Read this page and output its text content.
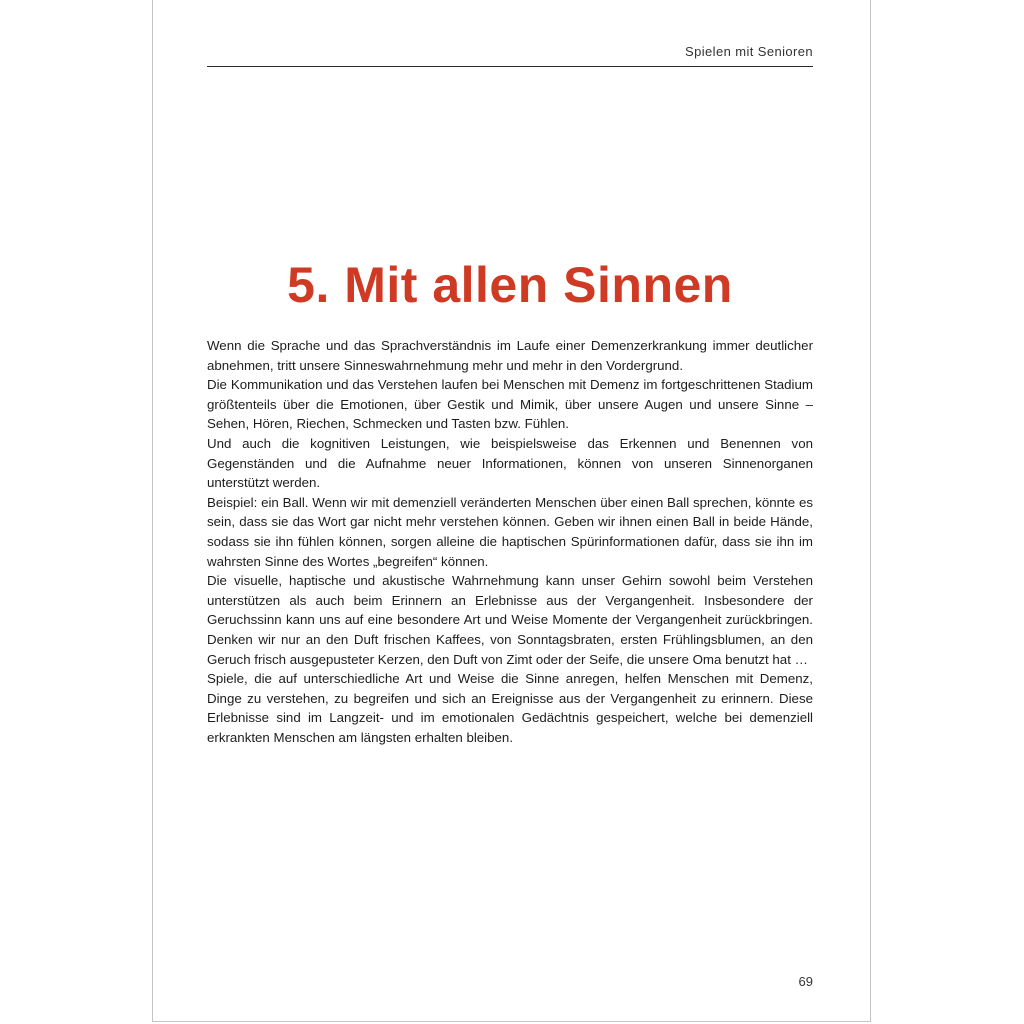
Spielen mit Senioren
5. Mit allen Sinnen

Wenn die Sprache und das Sprachverständnis im Laufe einer Demenzerkrankung immer deutlicher abnehmen, tritt unsere Sinneswahrnehmung mehr und mehr in den Vordergrund.

Die Kommunikation und das Verstehen laufen bei Menschen mit Demenz im fortgeschrittenen Stadium größtenteils über die Emotionen, über Gestik und Mimik, über unsere Augen und unsere Sinne – Sehen, Hören, Riechen, Schmecken und Tasten bzw. Fühlen.

Und auch die kognitiven Leistungen, wie beispielsweise das Erkennen und Benennen von Gegenständen und die Aufnahme neuer Informationen, können von unseren Sinnenorganen unterstützt werden.

Beispiel: ein Ball. Wenn wir mit demenziell veränderten Menschen über einen Ball sprechen, könnte es sein, dass sie das Wort gar nicht mehr verstehen können. Geben wir ihnen einen Ball in beide Hände, sodass sie ihn fühlen können, sorgen alleine die haptischen Spürinformationen dafür, dass sie ihn im wahrsten Sinne des Wortes „begreifen“ können.

Die visuelle, haptische und akustische Wahrnehmung kann unser Gehirn sowohl beim Verstehen unterstützen als auch beim Erinnern an Erlebnisse aus der Vergangenheit. Insbesondere der Geruchssinn kann uns auf eine besondere Art und Weise Momente der Vergangenheit zurückbringen. Denken wir nur an den Duft frischen Kaffees, von Sonntagsbraten, ersten Frühlingsblumen, an den Geruch frisch ausgepusteter Kerzen, den Duft von Zimt oder der Seife, die unsere Oma benutzt hat …

Spiele, die auf unterschiedliche Art und Weise die Sinne anregen, helfen Menschen mit Demenz, Dinge zu verstehen, zu begreifen und sich an Ereignisse aus der Vergangenheit zu erinnern. Diese Erlebnisse sind im Langzeit- und im emotionalen Gedächtnis gespeichert, welche bei demenziell erkrankten Menschen am längsten erhalten bleiben.

69
